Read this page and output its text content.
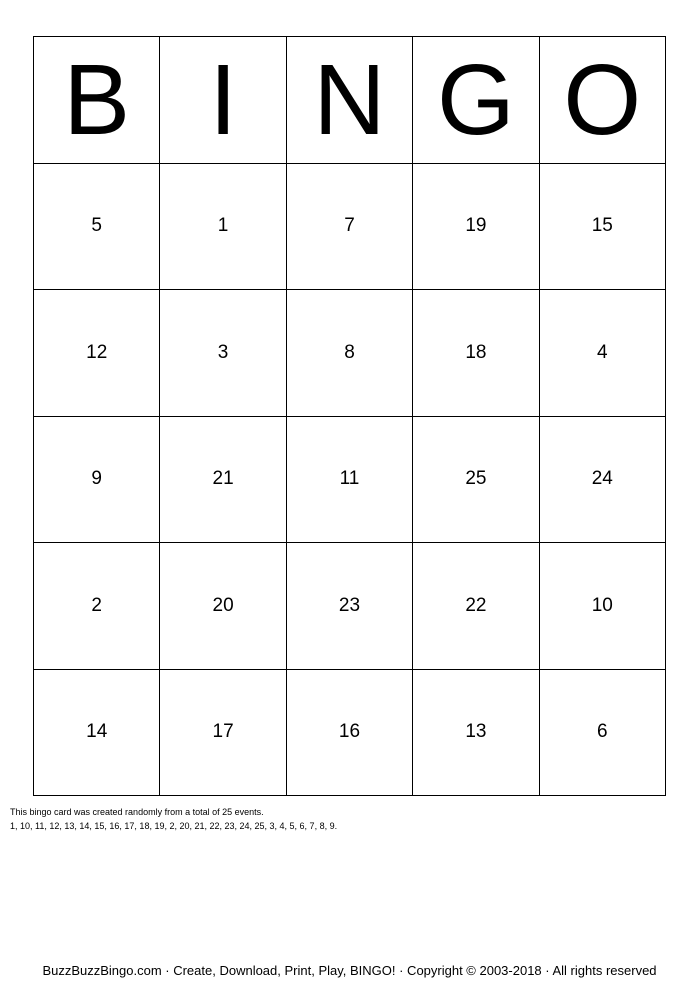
B I N G O
5	1	7	19	15
12	3	8	18	4
9	21	11	25	24
2	20	23	22	10
14	17	16	13	6
This bingo card was created randomly from a total of 25 events.
1, 10, 11, 12, 13, 14, 15, 16, 17, 18, 19, 2, 20, 21, 22, 23, 24, 25, 3, 4, 5, 6, 7, 8, 9.
BuzzBuzzBingo.com · Create, Download, Print, Play, BINGO! · Copyright © 2003-2018 · All rights reserved
